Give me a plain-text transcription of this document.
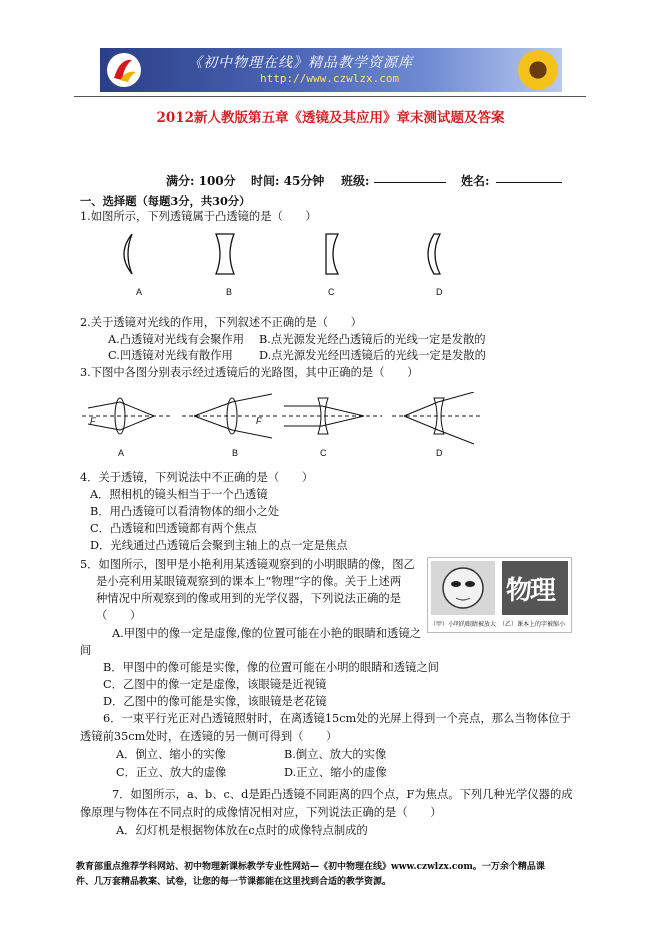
《初中物理在线》精品教学资源库
http://www.czwlzx.com
2012新人教版第五章《透镜及其应用》章末测试题及答案
满分: 100分 时间: 45分钟 班级:	姓名:
一、选择题（每题3分，共30分）
1.如图所示，下列透镜属于凸透镜的是（　　）
A	B	C	D
2.关于透镜对光线的作用，下列叙述不正确的是（　　）
A.凸透镜对光线有会聚作用 B.点光源发光经凸透镜后的光线一定是发散的
C.凹透镜对光线有散作用 D.点光源发光经凹透镜后的光线一定是发散的
3.下图中各图分别表示经过透镜后的光路图，其中正确的是（　　）
F	F
A	B	C	D
4．关于透镜，下列说法中不正确的是（　　）
A．照相机的镜头相当于一个凸透镜
B．用凸透镜可以看清物体的细小之处
C．凸透镜和凹透镜都有两个焦点
D．光线通过凸透镜后会聚到主轴上的点一定是焦点
5．如图所示，图甲是小艳利用某透镜观察到的小明眼睛的像，图乙
是小亮利用某眼镜观察到的课本上“物理”字的像。关于上述两
种情况中所观察到的像或用到的光学仪器，下列说法正确的是
（　　）
物理
（甲）小明的眼睛被放大　（乙）课本上的字被缩小
A.甲图中的像一定是虚像,像的位置可能在小艳的眼睛和透镜之
间
B．甲图中的像可能是实像，像的位置可能在小明的眼睛和透镜之间
C．乙图中的像一定是虚像，该眼镜是近视镜
D．乙图中的像可能是实像，该眼镜是老花镜
6．一束平行光正对凸透镜照射时，在离透镜15cm处的光屏上得到一个亮点，那么当物体位于
透镜前35cm处时，在透镜的另一侧可得到（　　）
A．倒立、缩小的实像	B.倒立、放大的实像
C．正立、放大的虚像	D.正立、缩小的虚像
7．如图所示，a、b、c、d是距凸透镜不同距离的四个点，F为焦点。下列几种光学仪器的成
像原理与物体在不同点时的成像情况相对应，下列说法正确的是（　　）
A．幻灯机是根据物体放在c点时的成像特点制成的
教育部重点推荐学科网站、初中物理新课标教学专业性网站—《初中物理在线》www.czwlzx.com。一万余个精品课
件、几万套精品教案、试卷，让您的每一节课都能在这里找到合适的教学资源。
